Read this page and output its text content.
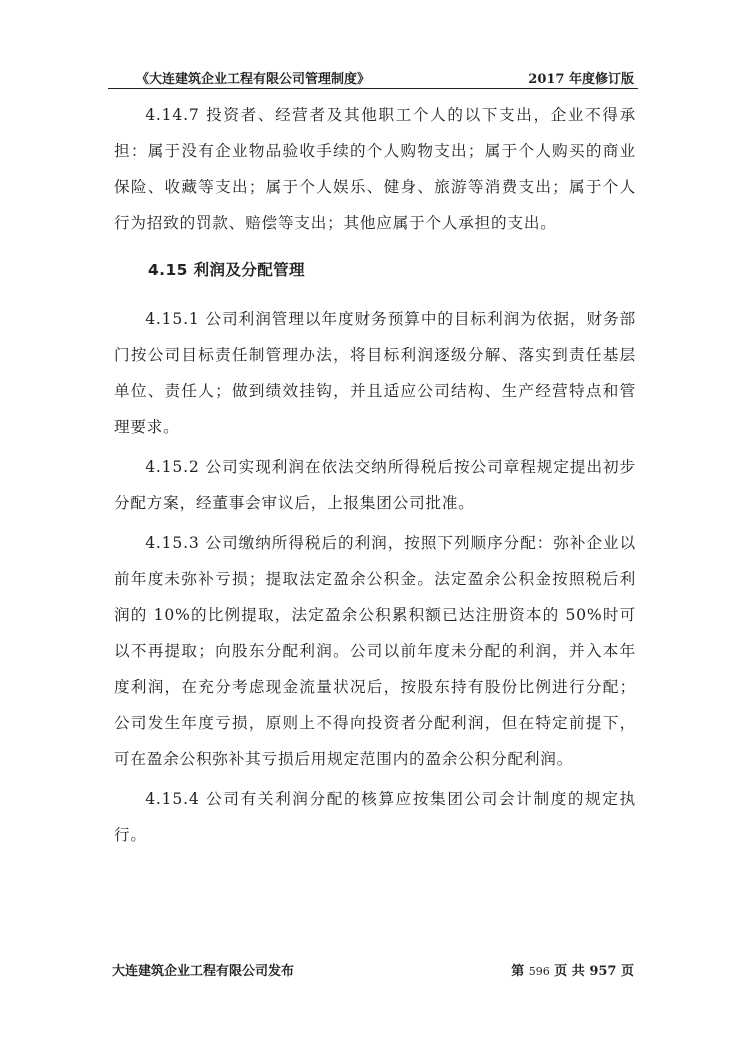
《大连建筑企业工程有限公司管理制度》	2017 年度修订版

4.14.7 投资者、经营者及其他职工个人的以下支出，企业不得承担：属于没有企业物品验收手续的个人购物支出；属于个人购买的商业保险、收藏等支出；属于个人娱乐、健身、旅游等消费支出；属于个人行为招致的罚款、赔偿等支出；其他应属于个人承担的支出。

4.15 利润及分配管理

4.15.1 公司利润管理以年度财务预算中的目标利润为依据，财务部门按公司目标责任制管理办法，将目标利润逐级分解、落实到责任基层单位、责任人；做到绩效挂钩，并且适应公司结构、生产经营特点和管理要求。

4.15.2 公司实现利润在依法交纳所得税后按公司章程规定提出初步分配方案，经董事会审议后，上报集团公司批准。

4.15.3 公司缴纳所得税后的利润，按照下列顺序分配：弥补企业以前年度未弥补亏损；提取法定盈余公积金。法定盈余公积金按照税后利润的 10%的比例提取，法定盈余公积累积额已达注册资本的 50%时可以不再提取；向股东分配利润。公司以前年度未分配的利润，并入本年度利润，在充分考虑现金流量状况后，按股东持有股份比例进行分配；公司发生年度亏损，原则上不得向投资者分配利润，但在特定前提下，可在盈余公积弥补其亏损后用规定范围内的盈余公积分配利润。

4.15.4 公司有关利润分配的核算应按集团公司会计制度的规定执行。

大连建筑企业工程有限公司发布	第 596 页 共 957 页
